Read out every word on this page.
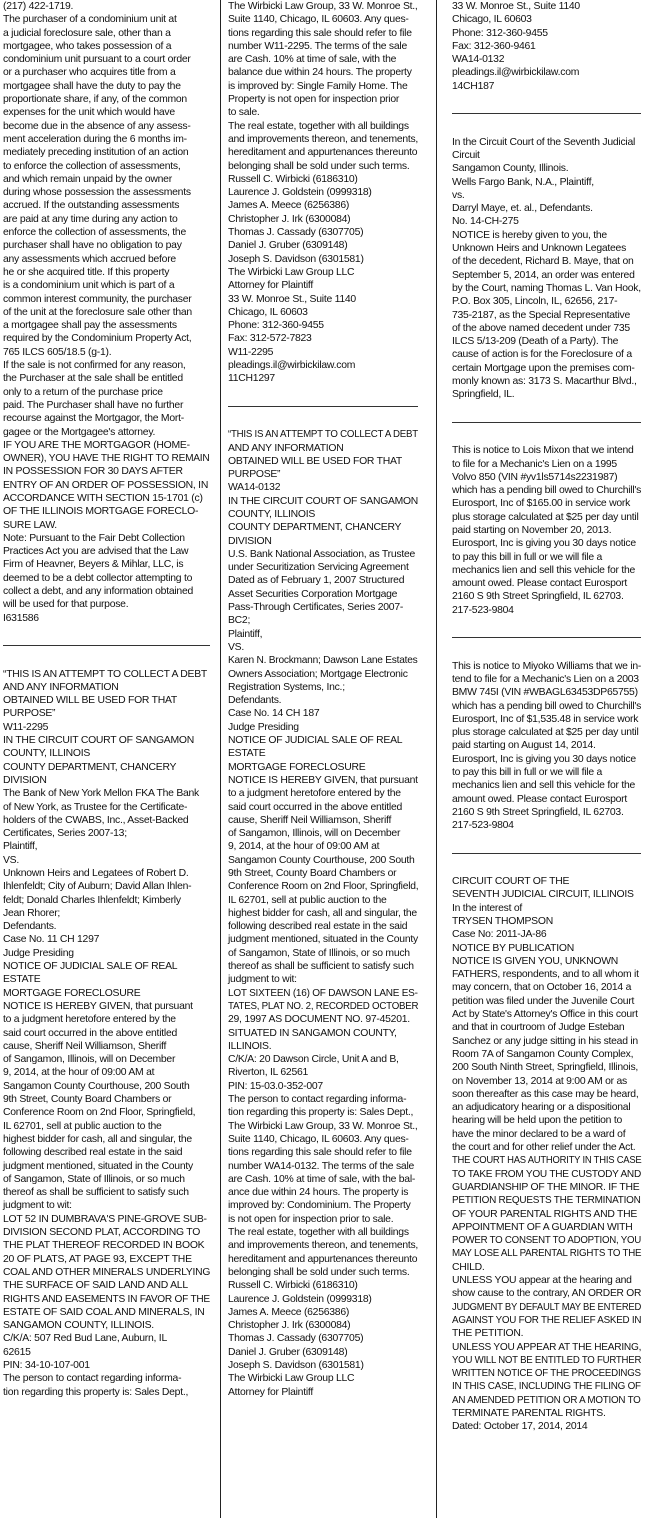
(217) 422-1719.
The purchaser of a condominium unit at
a judicial foreclosure sale, other than a
mortgagee, who takes possession of a
condominium unit pursuant to a court order
or a purchaser who acquires title from a
mortgagee shall have the duty to pay the
proportionate share, if any, of the common
expenses for the unit which would have
become due in the absence of any assess-
ment acceleration during the 6 months im-
mediately preceding institution of an action
to enforce the collection of assessments,
and which remain unpaid by the owner
during whose possession the assessments
accrued. If the outstanding assessments
are paid at any time during any action to
enforce the collection of assessments, the
purchaser shall have no obligation to pay
any assessments which accrued before
he or she acquired title. If this property
is a condominium unit which is part of a
common interest community, the purchaser
of the unit at the foreclosure sale other than
a mortgagee shall pay the assessments
required by the Condominium Property Act,
765 ILCS 605/18.5 (g-1).
If the sale is not confirmed for any reason,
the Purchaser at the sale shall be entitled
only to a return of the purchase price
paid. The Purchaser shall have no further
recourse against the Mortgagor, the Mort-
gagee or the Mortgagee's attorney.
IF YOU ARE THE MORTGAGOR (HOME-
OWNER), YOU HAVE THE RIGHT TO REMAIN
IN POSSESSION FOR 30 DAYS AFTER
ENTRY OF AN ORDER OF POSSESSION, IN
ACCORDANCE WITH SECTION 15-1701 (c)
OF THE ILLINOIS MORTGAGE FORECLO-
SURE LAW.
Note: Pursuant to the Fair Debt Collection
Practices Act you are advised that the Law
Firm of Heavner, Beyers & Mihlar, LLC, is
deemed to be a debt collector attempting to
collect a debt, and any information obtained
will be used for that purpose.
I631586
“THIS IS AN ATTEMPT TO COLLECT A DEBT
AND ANY INFORMATION
OBTAINED WILL BE USED FOR THAT
PURPOSE”
W11-2295
IN THE CIRCUIT COURT OF SANGAMON
COUNTY, ILLINOIS
COUNTY DEPARTMENT, CHANCERY
DIVISION
The Bank of New York Mellon FKA The Bank
of New York, as Trustee for the Certificate-
holders of the CWABS, Inc., Asset-Backed
Certificates, Series 2007-13;
Plaintiff,
VS.
Unknown Heirs and Legatees of Robert D.
Ihlenfeldt; City of Auburn; David Allan Ihlen-
feldt; Donald Charles Ihlenfeldt; Kimberly
Jean Rhorer;
Defendants.
Case No. 11 CH 1297
Judge Presiding
NOTICE OF JUDICIAL SALE OF REAL
ESTATE
MORTGAGE FORECLOSURE
NOTICE IS HEREBY GIVEN, that pursuant
to a judgment heretofore entered by the
said court occurred in the above entitled
cause, Sheriff Neil Williamson, Sheriff
of Sangamon, Illinois, will on December
9, 2014, at the hour of 09:00 AM at
Sangamon County Courthouse, 200 South
9th Street, County Board Chambers or
Conference Room on 2nd Floor, Springfield,
IL 62701, sell at public auction to the
highest bidder for cash, all and singular, the
following described real estate in the said
judgment mentioned, situated in the County
of Sangamon, State of Illinois, or so much
thereof as shall be sufficient to satisfy such
judgment to wit:
LOT 52 IN DUMBRAVA'S PINE-GROVE SUB-
DIVISION SECOND PLAT, ACCORDING TO
THE PLAT THEREOF RECORDED IN BOOK
20 OF PLATS, AT PAGE 93, EXCEPT THE
COAL AND OTHER MINERALS UNDERLYING
THE SURFACE OF SAID LAND AND ALL
RIGHTS AND EASEMENTS IN FAVOR OF THE
ESTATE OF SAID COAL AND MINERALS, IN
SANGAMON COUNTY, ILLINOIS.
C/K/A: 507 Red Bud Lane, Auburn, IL
62615
PIN: 34-10-107-001
The person to contact regarding informa-
tion regarding this property is: Sales Dept.,
The Wirbicki Law Group, 33 W. Monroe St.,
Suite 1140, Chicago, IL 60603. Any ques-
tions regarding this sale should refer to file
number W11-2295. The terms of the sale
are Cash. 10% at time of sale, with the
balance due within 24 hours. The property
is improved by: Single Family Home. The
Property is not open for inspection prior
to sale.
The real estate, together with all buildings
and improvements thereon, and tenements,
hereditament and appurtenances thereunto
belonging shall be sold under such terms.
Russell C. Wirbicki (6186310)
Laurence J. Goldstein (0999318)
James A. Meece (6256386)
Christopher J. Irk (6300084)
Thomas J. Cassady (6307705)
Daniel J. Gruber (6309148)
Joseph S. Davidson (6301581)
The Wirbicki Law Group LLC
Attorney for Plaintiff
33 W. Monroe St., Suite 1140
Chicago, IL 60603
Phone: 312-360-9455
Fax: 312-572-7823
W11-2295
pleadings.il@wirbickilaw.com
11CH1297
“THIS IS AN ATTEMPT TO COLLECT A DEBT
AND ANY INFORMATION
OBTAINED WILL BE USED FOR THAT
PURPOSE”
WA14-0132
IN THE CIRCUIT COURT OF SANGAMON
COUNTY, ILLINOIS
COUNTY DEPARTMENT, CHANCERY
DIVISION
U.S. Bank National Association, as Trustee
under Securitization Servicing Agreement
Dated as of February 1, 2007 Structured
Asset Securities Corporation Mortgage
Pass-Through Certificates, Series 2007-
BC2;
Plaintiff,
VS.
Karen N. Brockmann; Dawson Lane Estates
Owners Association; Mortgage Electronic
Registration Systems, Inc.;
Defendants.
Case No. 14 CH 187
Judge Presiding
NOTICE OF JUDICIAL SALE OF REAL
ESTATE
MORTGAGE FORECLOSURE
NOTICE IS HEREBY GIVEN, that pursuant
to a judgment heretofore entered by the
said court occurred in the above entitled
cause, Sheriff Neil Williamson, Sheriff
of Sangamon, Illinois, will on December
9, 2014, at the hour of 09:00 AM at
Sangamon County Courthouse, 200 South
9th Street, County Board Chambers or
Conference Room on 2nd Floor, Springfield,
IL 62701, sell at public auction to the
highest bidder for cash, all and singular, the
following described real estate in the said
judgment mentioned, situated in the County
of Sangamon, State of Illinois, or so much
thereof as shall be sufficient to satisfy such
judgment to wit:
LOT SIXTEEN (16) OF DAWSON LANE ES-
TATES, PLAT NO. 2, RECORDED OCTOBER
29, 1997 AS DOCUMENT NO. 97-45201.
SITUATED IN SANGAMON COUNTY,
ILLINOIS.
C/K/A: 20 Dawson Circle, Unit A and B,
Riverton, IL 62561
PIN: 15-03.0-352-007
The person to contact regarding informa-
tion regarding this property is: Sales Dept.,
The Wirbicki Law Group, 33 W. Monroe St.,
Suite 1140, Chicago, IL 60603. Any ques-
tions regarding this sale should refer to file
number WA14-0132. The terms of the sale
are Cash. 10% at time of sale, with the bal-
ance due within 24 hours. The property is
improved by: Condominium. The Property
is not open for inspection prior to sale.
The real estate, together with all buildings
and improvements thereon, and tenements,
hereditament and appurtenances thereunto
belonging shall be sold under such terms.
Russell C. Wirbicki (6186310)
Laurence J. Goldstein (0999318)
James A. Meece (6256386)
Christopher J. Irk (6300084)
Thomas J. Cassady (6307705)
Daniel J. Gruber (6309148)
Joseph S. Davidson (6301581)
The Wirbicki Law Group LLC
Attorney for Plaintiff
33 W. Monroe St., Suite 1140
Chicago, IL 60603
Phone: 312-360-9455
Fax: 312-360-9461
WA14-0132
pleadings.il@wirbickilaw.com
14CH187
In the Circuit Court of the Seventh Judicial
Circuit
Sangamon County, Illinois.
Wells Fargo Bank, N.A., Plaintiff,
vs.
Darryl Maye, et. al., Defendants.
No. 14-CH-275
NOTICE is hereby given to you, the
Unknown Heirs and Unknown Legatees
of the decedent, Richard B. Maye, that on
September 5, 2014, an order was entered
by the Court, naming Thomas L. Van Hook,
P.O. Box 305, Lincoln, IL, 62656, 217-
735-2187, as the Special Representative
of the above named decedent under 735
ILCS 5/13-209 (Death of a Party). The
cause of action is for the Foreclosure of a
certain Mortgage upon the premises com-
monly known as: 3173 S. Macarthur Blvd.,
Springfield, IL.
This is notice to Lois Mixon that we intend
to file for a Mechanic's Lien on a 1995
Volvo 850 (VIN #yv1ls5714s2231987)
which has a pending bill owed to Churchill's
Eurosport, Inc of $165.00 in service work
plus storage calculated at $25 per day until
paid starting on November 20, 2013.
Eurosport, Inc is giving you 30 days notice
to pay this bill in full or we will file a
mechanics lien and sell this vehicle for the
amount owed. Please contact Eurosport
2160 S 9th Street Springfield, IL 62703.
217-523-9804
This is notice to Miyoko Williams that we in-
tend to file for a Mechanic's Lien on a 2003
BMW 745I (VIN #WBAGL63453DP65755)
which has a pending bill owed to Churchill's
Eurosport, Inc of $1,535.48 in service work
plus storage calculated at $25 per day until
paid starting on August 14, 2014.
Eurosport, Inc is giving you 30 days notice
to pay this bill in full or we will file a
mechanics lien and sell this vehicle for the
amount owed. Please contact Eurosport
2160 S 9th Street Springfield, IL 62703.
217-523-9804
CIRCUIT COURT OF THE
SEVENTH JUDICIAL CIRCUIT, ILLINOIS
In the interest of
TRYSEN THOMPSON
Case No: 2011-JA-86
NOTICE BY PUBLICATION
NOTICE IS GIVEN YOU, UNKNOWN
FATHERS, respondents, and to all whom it
may concern, that on October 16, 2014 a
petition was filed under the Juvenile Court
Act by State's Attorney's Office in this court
and that in courtroom of Judge Esteban
Sanchez or any judge sitting in his stead in
Room 7A of Sangamon County Complex,
200 South Ninth Street, Springfield, Illinois,
on November 13, 2014 at 9:00 AM or as
soon thereafter as this case may be heard,
an adjudicatory hearing or a dispositional
hearing will be held upon the petition to
have the minor declared to be a ward of
the court and for other relief under the Act.
THE COURT HAS AUTHORITY IN THIS CASE
TO TAKE FROM YOU THE CUSTODY AND
GUARDIANSHIP OF THE MINOR. IF THE
PETITION REQUESTS THE TERMINATION
OF YOUR PARENTAL RIGHTS AND THE
APPOINTMENT OF A GUARDIAN WITH
POWER TO CONSENT TO ADOPTION, YOU
MAY LOSE ALL PARENTAL RIGHTS TO THE
CHILD.
UNLESS YOU appear at the hearing and
show cause to the contrary, AN ORDER OR
JUDGMENT BY DEFAULT MAY BE ENTERED
AGAINST YOU FOR THE RELIEF ASKED IN
THE PETITION.
UNLESS YOU APPEAR AT THE HEARING,
YOU WILL NOT BE ENTITLED TO FURTHER
WRITTEN NOTICE OF THE PROCEEDINGS
IN THIS CASE, INCLUDING THE FILING OF
AN AMENDED PETITION OR A MOTION TO
TERMINATE PARENTAL RIGHTS.
Dated: October 17, 2014, 2014
